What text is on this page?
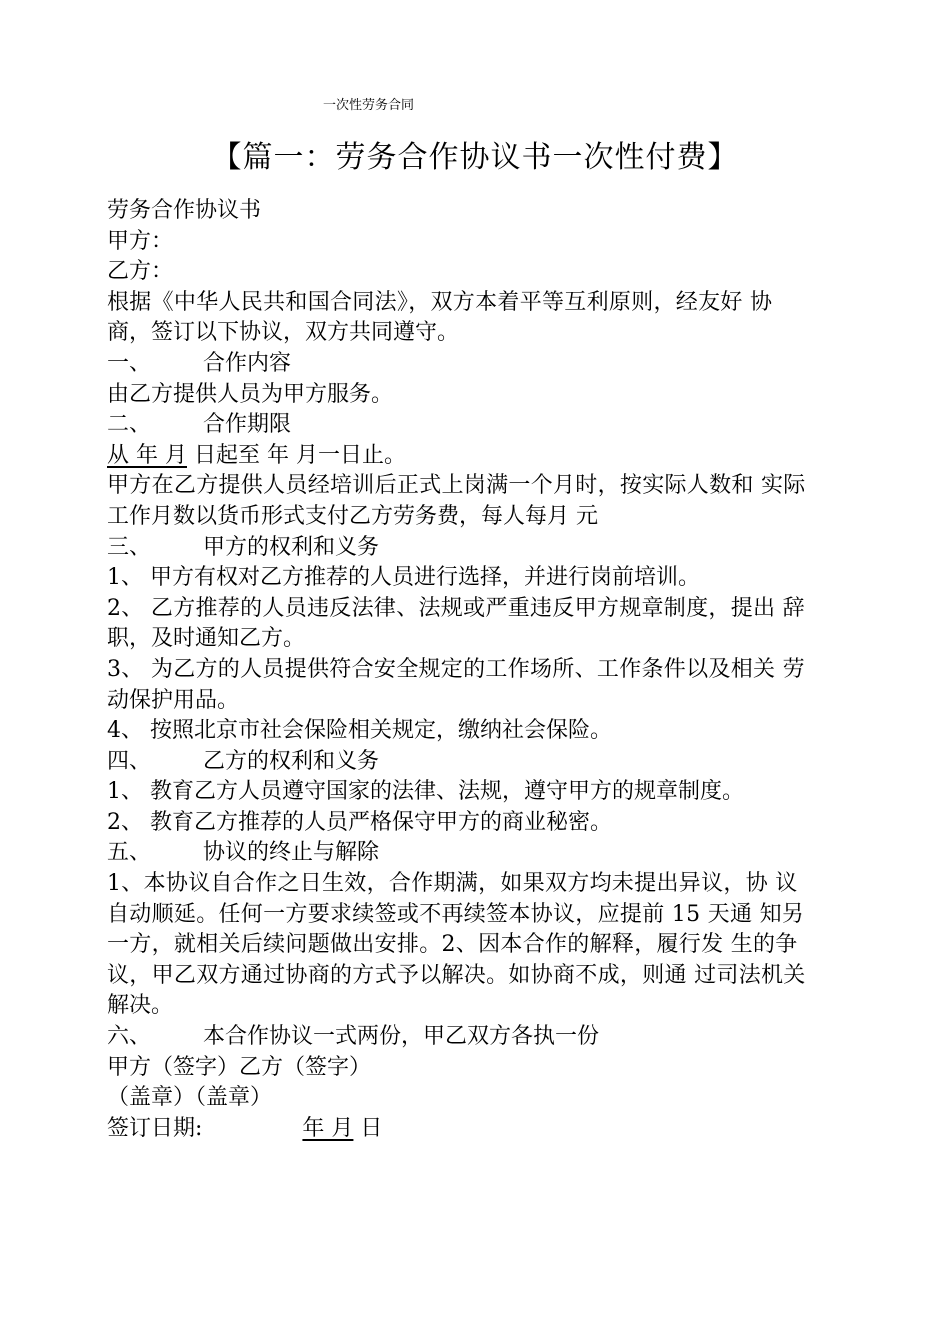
一次性劳务合同
【篇一：劳务合作协议书一次性付费】
劳务合作协议书
甲方：
乙方：
根据《中华人民共和国合同法》，双方本着平等互利原则，经友好 协
商，签订以下协议，双方共同遵守。
一、 合作内容
由乙方提供人员为甲方服务。
二、 合作期限
从 年 月 日起至 年 月一日止。
甲方在乙方提供人员经培训后正式上岗满一个月时，按实际人数和 实际
工作月数以货币形式支付乙方劳务费，每人每月 元
三、 甲方的权利和义务
1、 甲方有权对乙方推荐的人员进行选择，并进行岗前培训。
2、 乙方推荐的人员违反法律、法规或严重违反甲方规章制度，提出 辞
职，及时通知乙方。
3、 为乙方的人员提供符合安全规定的工作场所、工作条件以及相关 劳
动保护用品。
4、 按照北京市社会保险相关规定，缴纳社会保险。
四、 乙方的权利和义务
1、 教育乙方人员遵守国家的法律、法规，遵守甲方的规章制度。
2、 教育乙方推荐的人员严格保守甲方的商业秘密。
五、 协议的终止与解除
1、本协议自合作之日生效，合作期满，如果双方均未提出异议，协 议
自动顺延。任何一方要求续签或不再续签本协议，应提前 15 天通 知另
一方，就相关后续问题做出安排。2、因本合作的解释，履行发 生的争
议，甲乙双方通过协商的方式予以解决。如协商不成，则通 过司法机关
解决。
六、 本合作协议一式两份，甲乙双方各执一份
甲方（签字）乙方（签字）
（盖章）（盖章）
签订日期:	年 月 日
